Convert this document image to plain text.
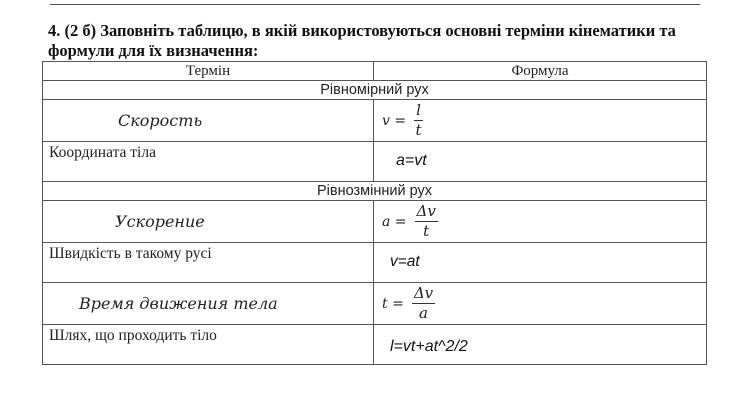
4. (2 б) Заповніть таблицю, в якій використовуються основні терміни кінематики та формули для їх визначення:
Термін	Формула
Рівномірний рух	
Скорость	$v = \frac{l}{t}$

Координата тіла	a=vt

Рівнозмінний рух	
Ускорение	$a = \frac{\Delta v}{t}$

Швидкість в такому русі	v=at

Время движения тела	$t = \frac{\Delta v}{a}$

Шлях, що проходить тіло	l=vt+at^2/2
